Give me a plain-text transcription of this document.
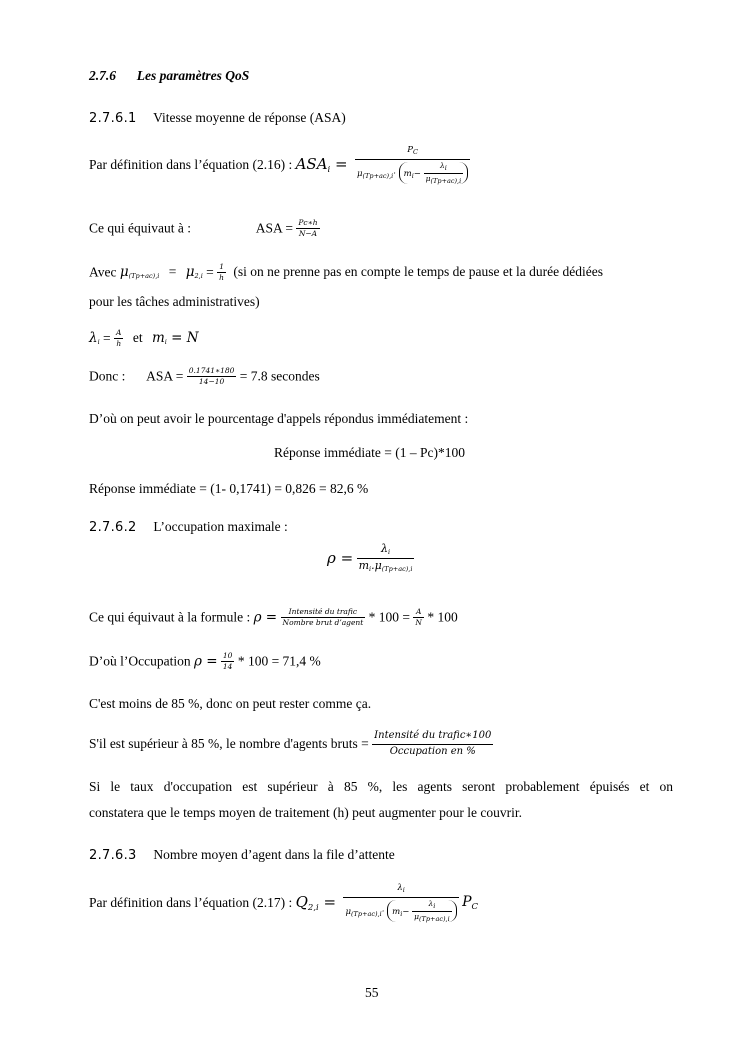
2.7.6 Les paramètres QoS
2.7.6.1 Vitesse moyenne de réponse (ASA)
Par définition dans l’équation (2.16) : $ASA_i = \frac{P_C}{\mu_{(Tp+ac),i}\cdot m_i- \frac{\lambda i}{\mu(Tp+ac),i}}$
Ce qui équivaut à :	ASA = $\frac{Pc∗h}{N-A}$
Avec $\mu(Tp+ac),i = \mu 2,i = \frac{1}{h} (si$ on ne prenne pas en compte le temps de pause et la durée dédiées
pour les tâches administratives)
$\lambda i = \frac{A}{h}$ et mi = N
Donc : ASA = $\frac{0.1741∗180}{14-10} = 7.8$ secondes
D’où on peut avoir le pourcentage d'appels répondus immédiatement :
Réponse immédiate = (1 – Pc)*100
Réponse immédiate = (1- 0,1741) = 0,826 = 82,6 %
2.7.6.2 L’occupation maximale :
$\rho = \frac{\lambda i}{mi.\mu(Tp+ac),i}$
Ce qui équivaut à la formule : $\rho = \frac{\text{Intensité du trafic}}{\text{Nombre brut d’agent}} * 100 = \frac{A}{N} * 100$
D’où l’Occupation $\rho = \frac{10}{14} * 100 = 71,4$ %
C'est moins de 85 %, donc on peut rester comme ça.
S'il est supérieur à 85 %, le nombre d'agents bruts = $\frac{\text{Intensité du trafic∗100}}{\text{Occupation en \%}}$
Si le taux d'occupation est supérieur à 85 %, les agents seront probablement épuisés et on
constatera que le temps moyen de traitement (h) peut augmenter pour le couvrir.
2.7.6.3 Nombre moyen d’agent dans la file d’attente
Par définition dans l’équation (2.17) : $Q_{2,i} = \frac{\lambda_i}{\mu_{(Tp+ac),i}\cdot m_i- \frac{\lambda i}{\mu(Tp+ac),i}} P_C$
55
